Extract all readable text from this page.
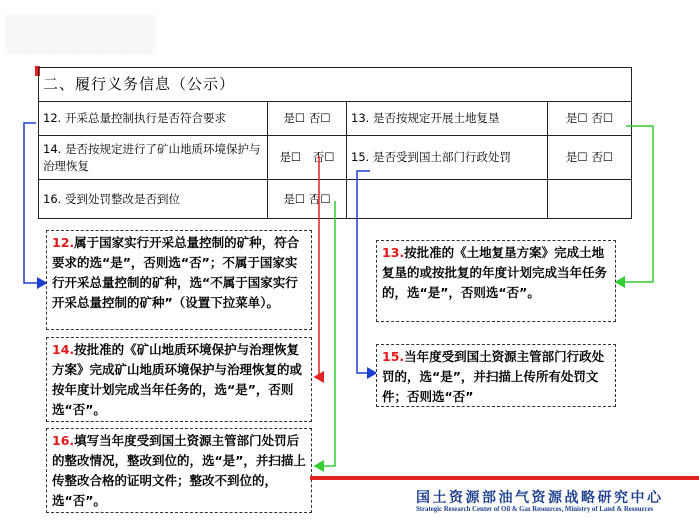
二、履行义务信息（公示）			
12. 开采总量控制执行是否符合要求	是☐ 否☐	13. 是否按规定开展土地复垦	是☐ 否☐
14. 是否按规定进行了矿山地质环境保护与治理恢复	是☐　否☐	15. 是否受到国土部门行政处罚	是☐ 否☐
16. 受到处罚整改是否到位	是☐ 否☐		
12.属于国家实行开采总量控制的矿种，符合要求的选“是”，否则选“否”；不属于国家实行开采总量控制的矿种，选“不属于国家实行开采总量控制的矿种”（设置下拉菜单）。
13.按批准的《土地复垦方案》完成土地复垦的或按批复的年度计划完成当年任务的，选“是”，否则选“否”。
14.按批准的《矿山地质环境保护与治理恢复方案》完成矿山地质环境保护与治理恢复的或按年度计划完成当年任务的，选“是”，否则选“否”。
15.当年度受到国土资源主管部门行政处罚的，选“是”，并扫描上传所有处罚文件；否则选“否”
16.填写当年度受到国土资源主管部门处罚后的整改情况，整改到位的，选“是”，并扫描上传整改合格的证明文件；整改不到位的，选“否”。	国土资源部油气资源战略研究中心
Strategic Research Center of Oil & Gas Resources, Ministry of Land & Resources
